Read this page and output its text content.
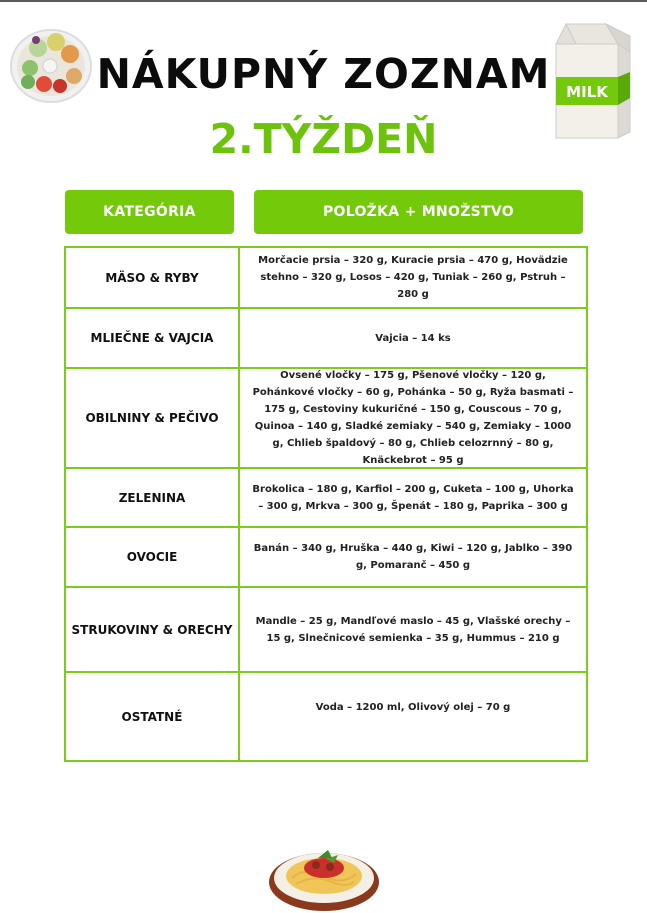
MILK
NÁKUPNÝ ZOZNAM
2.TÝŽDEŇ
KATEGÓRIA	POLOŽKA + MNOŽSTVO
MÄSO & RYBY
Morčacie prsia – 320 g, Kuracie prsia – 470 g, Hovädzie stehno – 320 g, Losos – 420 g, Tuniak – 260 g, Pstruh – 280 g
MLIEČNE & VAJCIA	Vajcia – 14 ks
OBILNINY & PEČIVO
Ovsené vločky – 175 g, Pšenové vločky – 120 g, Pohánkové vločky – 60 g, Pohánka – 50 g, Ryža basmati – 175 g, Cestoviny kukuričné – 150 g, Couscous – 70 g, Quinoa – 140 g, Sladké zemiaky – 540 g, Zemiaky – 1000 g, Chlieb špaldový – 80 g, Chlieb celozrnný – 80 g, Knäckebrot – 95 g
ZELENINA
Brokolica – 180 g, Karfiol – 200 g, Cuketa – 100 g, Uhorka – 300 g, Mrkva – 300 g, Špenát – 180 g, Paprika – 300 g
OVOCIE
Banán – 340 g, Hruška – 440 g, Kiwi – 120 g, Jablko – 390 g, Pomaranč – 450 g
STRUKOVINY & ORECHY
Mandle – 25 g, Mandľové maslo – 45 g, Vlašské orechy – 15 g, Slnečnicové semienka – 35 g, Hummus – 210 g
OSTATNÉ
Voda – 1200 ml, Olivový olej – 70 g
